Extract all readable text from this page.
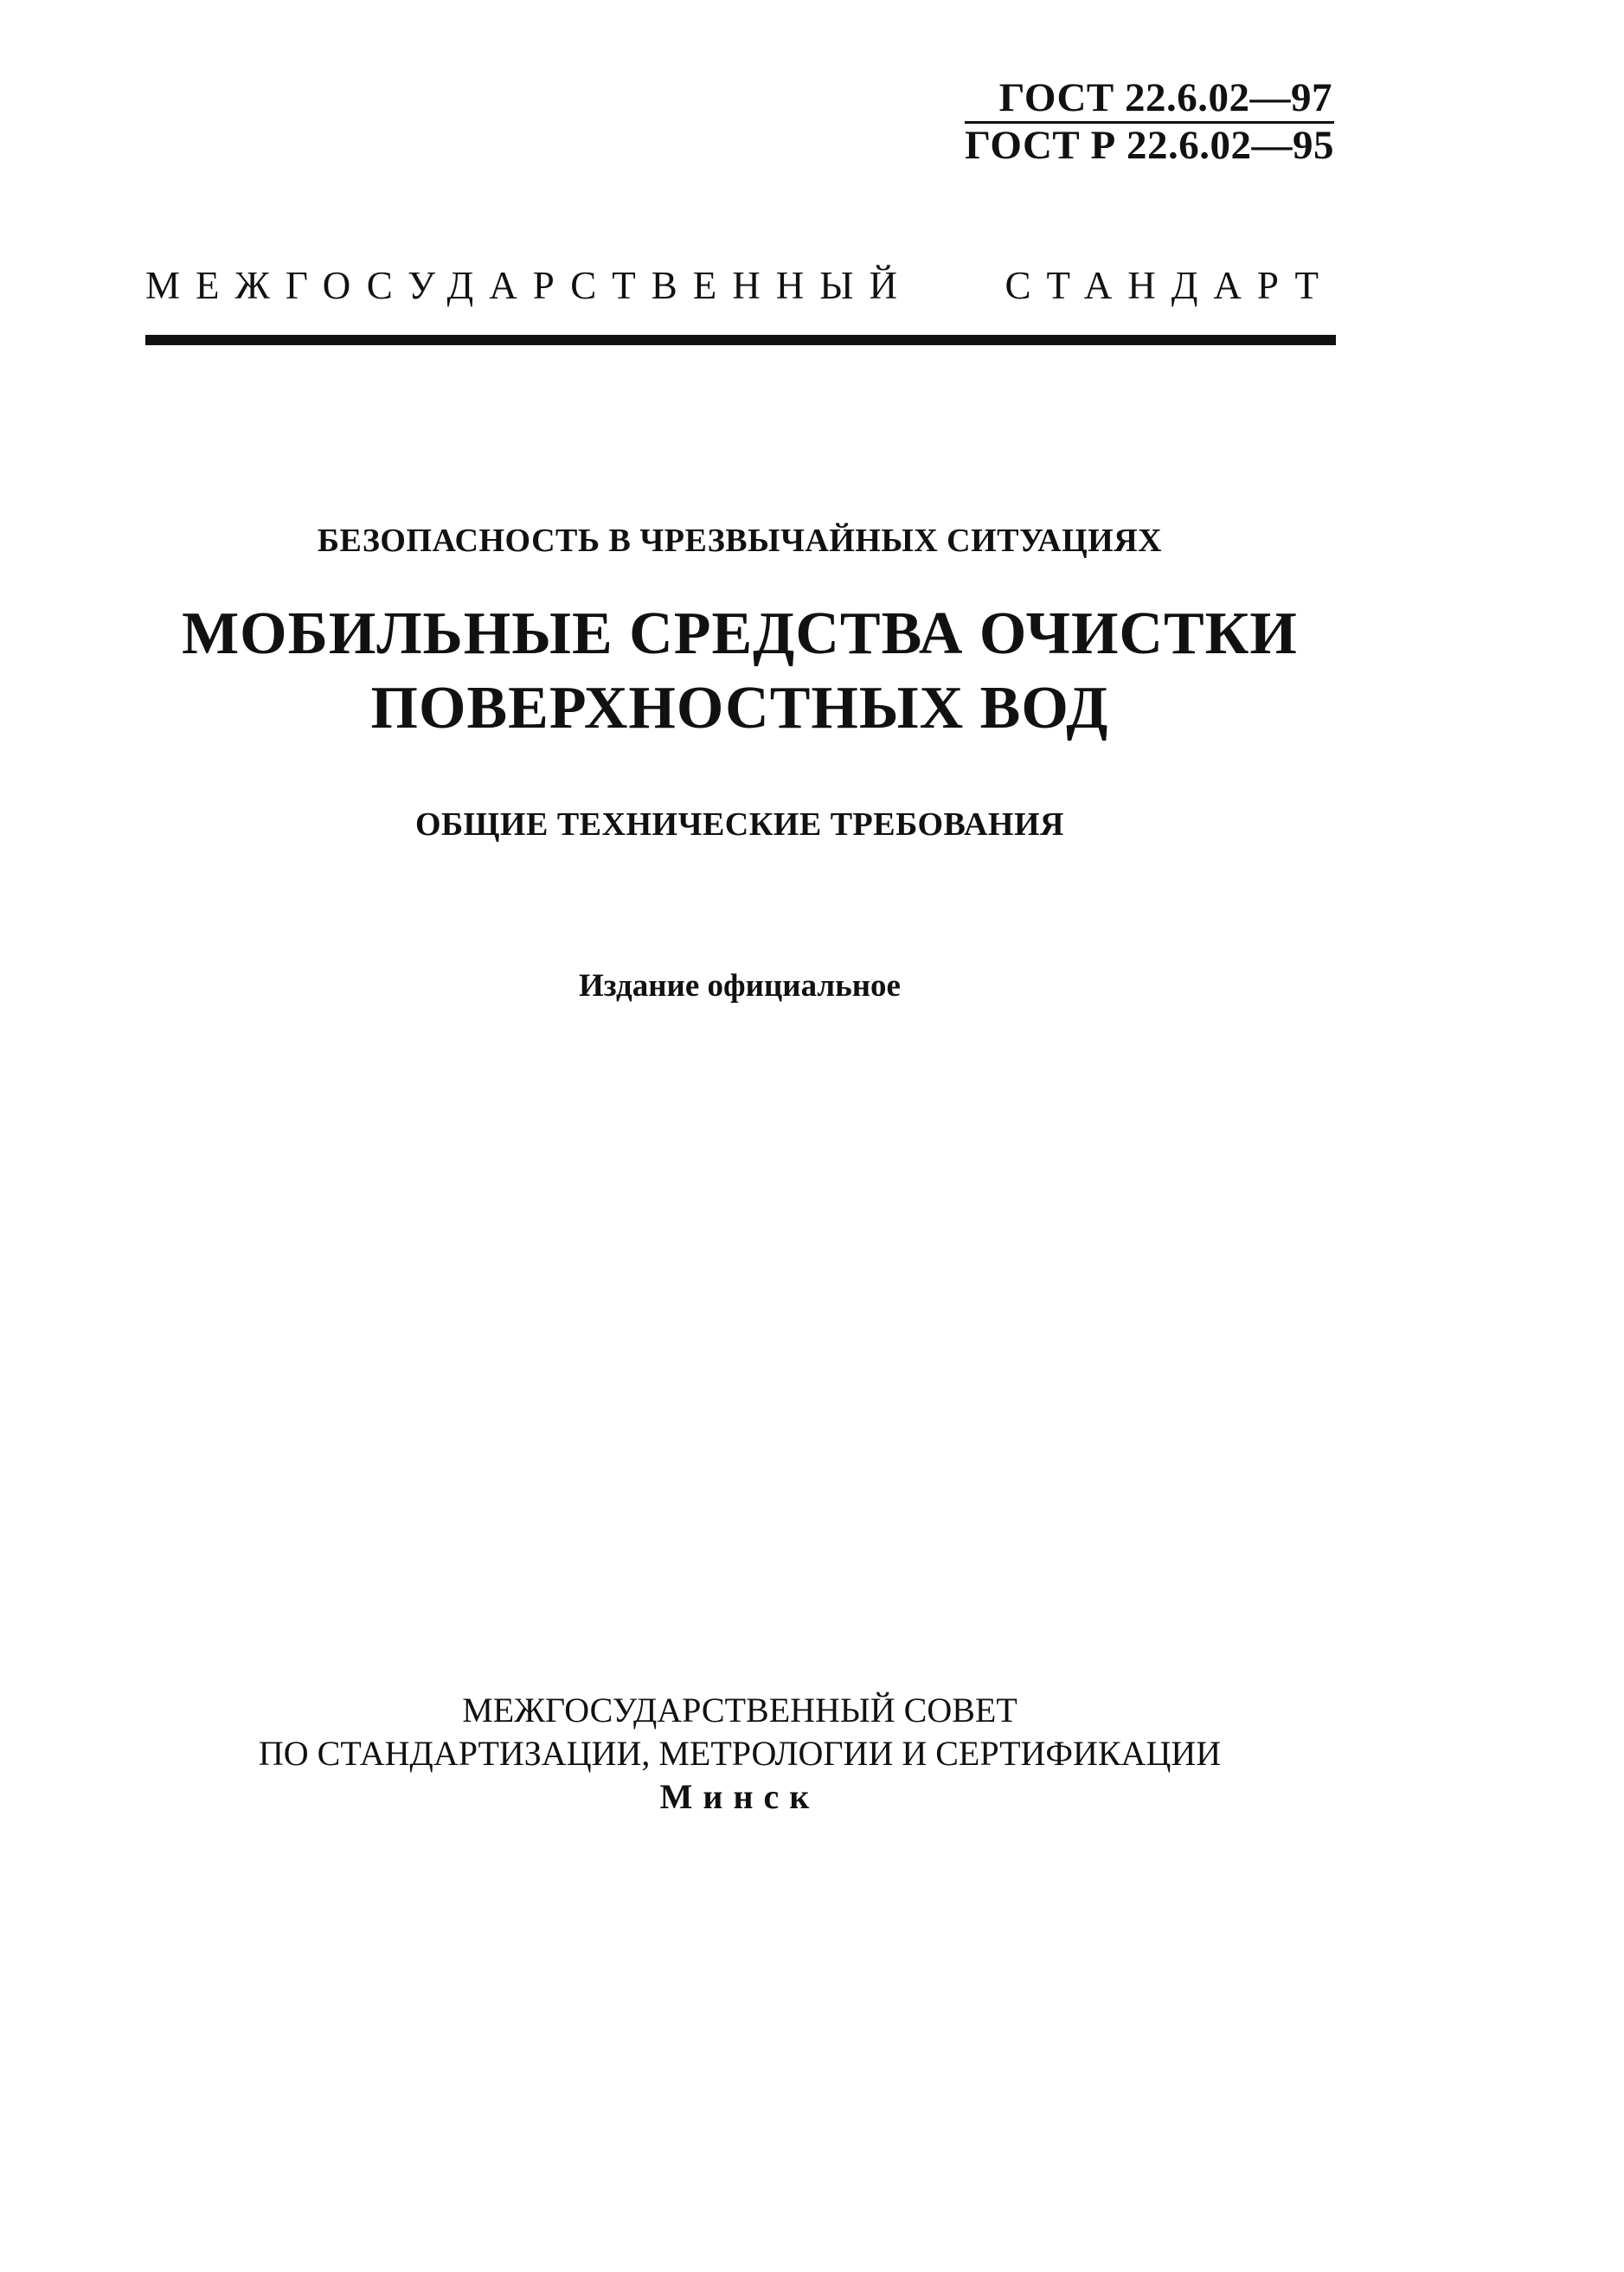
ГОСТ 22.6.02—97
ГОСТ Р 22.6.02—95
МЕЖГОСУДАРСТВЕННЫЙ СТАНДАРТ
БЕЗОПАСНОСТЬ В ЧРЕЗВЫЧАЙНЫХ СИТУАЦИЯХ
МОБИЛЬНЫЕ СРЕДСТВА ОЧИСТКИ
ПОВЕРХНОСТНЫХ ВОД
ОБЩИЕ ТЕХНИЧЕСКИЕ ТРЕБОВАНИЯ
Издание официальное
МЕЖГОСУДАРСТВЕННЫЙ СОВЕТ
ПО СТАНДАРТИЗАЦИИ, МЕТРОЛОГИИ И СЕРТИФИКАЦИИ
Минск
